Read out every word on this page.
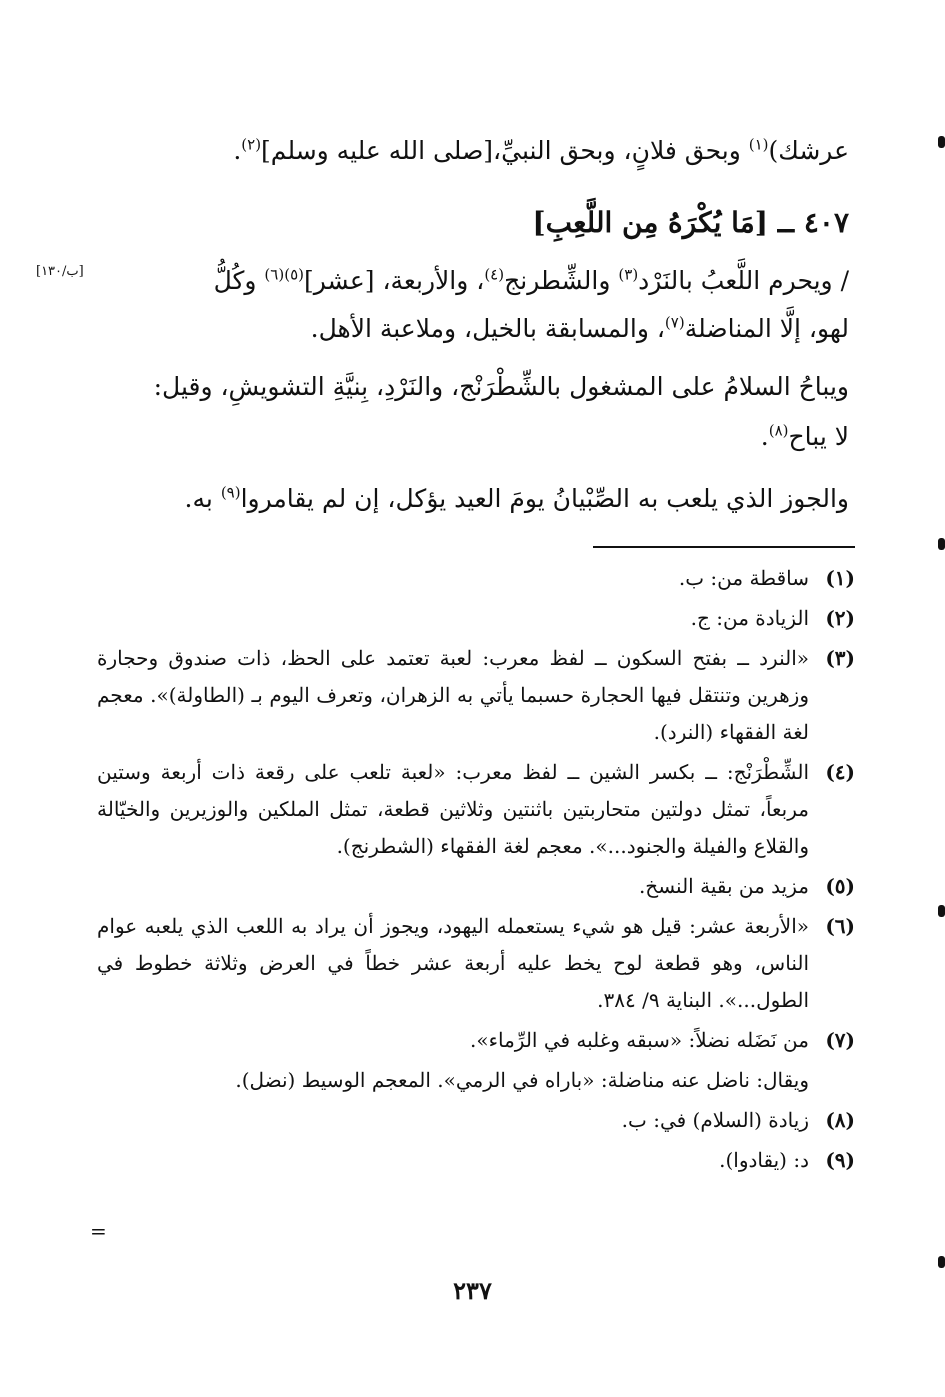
عرشك)$^{(١)}$ وبحق فلانٍ، وبحق النبيِّ،[صلى الله عليه وسلم]$^{(٢)}$.
٤٠٧ ــ [مَا يُكْرَهُ مِن اللَّعِبِ]
[ب/١٣٠]	/ ويحرم اللَّعبُ بالنَرْد$^{(٣)}$ والشِّطرنج$^{(٤)}$، والأربعة، [عشر]$^{(٥)(٦)}$ وكُلُّ
لهو، إلَّا المناضلة$^{(٧)}$، والمسابقة بالخيل، وملاعبة الأهل.
ويباحُ السلامُ على المشغول بالشِّطْرَنْج، والنَرْدِ، بِنيَّةِ التشويشِ، وقيل:
لا يباح$^{(٨)}$.
والجوز الذي يلعب به الصِّبْيانُ يومَ العيد يؤكل، إن لم يقامروا$^{(٩)}$ به.
(١)
ساقطة من: ب.
(٢)
الزيادة من: ج.
(٣)
«النرد ــ بفتح السكون ــ لفظ معرب: لعبة تعتمد على الحظ، ذات صندوق وحجارة وزهرين وتنتقل فيها الحجارة حسبما يأتي به الزهران، وتعرف اليوم بـ (الطاولة)». معجم لغة الفقهاء (النرد).
(٤)
الشِّطْرَنْج: ــ بكسر الشين ــ لفظ معرب: «لعبة تلعب على رقعة ذات أربعة وستين مربعاً، تمثل دولتين متحاربتين باثنتين وثلاثين قطعة، تمثل الملكين والوزيرين والخيّالة والقلاع والفيلة والجنود...». معجم لغة الفقهاء (الشطرنج).
(٥)
مزيد من بقية النسخ.
(٦)
«الأربعة عشر: قيل هو شيء يستعمله اليهود، ويجوز أن يراد به اللعب الذي يلعبه عوام الناس، وهو قطعة لوح يخط عليه أربعة عشر خطاً في العرض وثلاثة خطوط في الطول...». البناية ٩/ ٣٨٤.
(٧)
من نَضَله نضلاً: «سبقه وغلبه في الرِّماء».
ويقال: ناضل عنه مناضلة: «باراه في الرمي». المعجم الوسيط (نضل).
(٨)
زيادة (السلام) في: ب.
(٩)
د: (يقادوا).
=
٢٣٧
